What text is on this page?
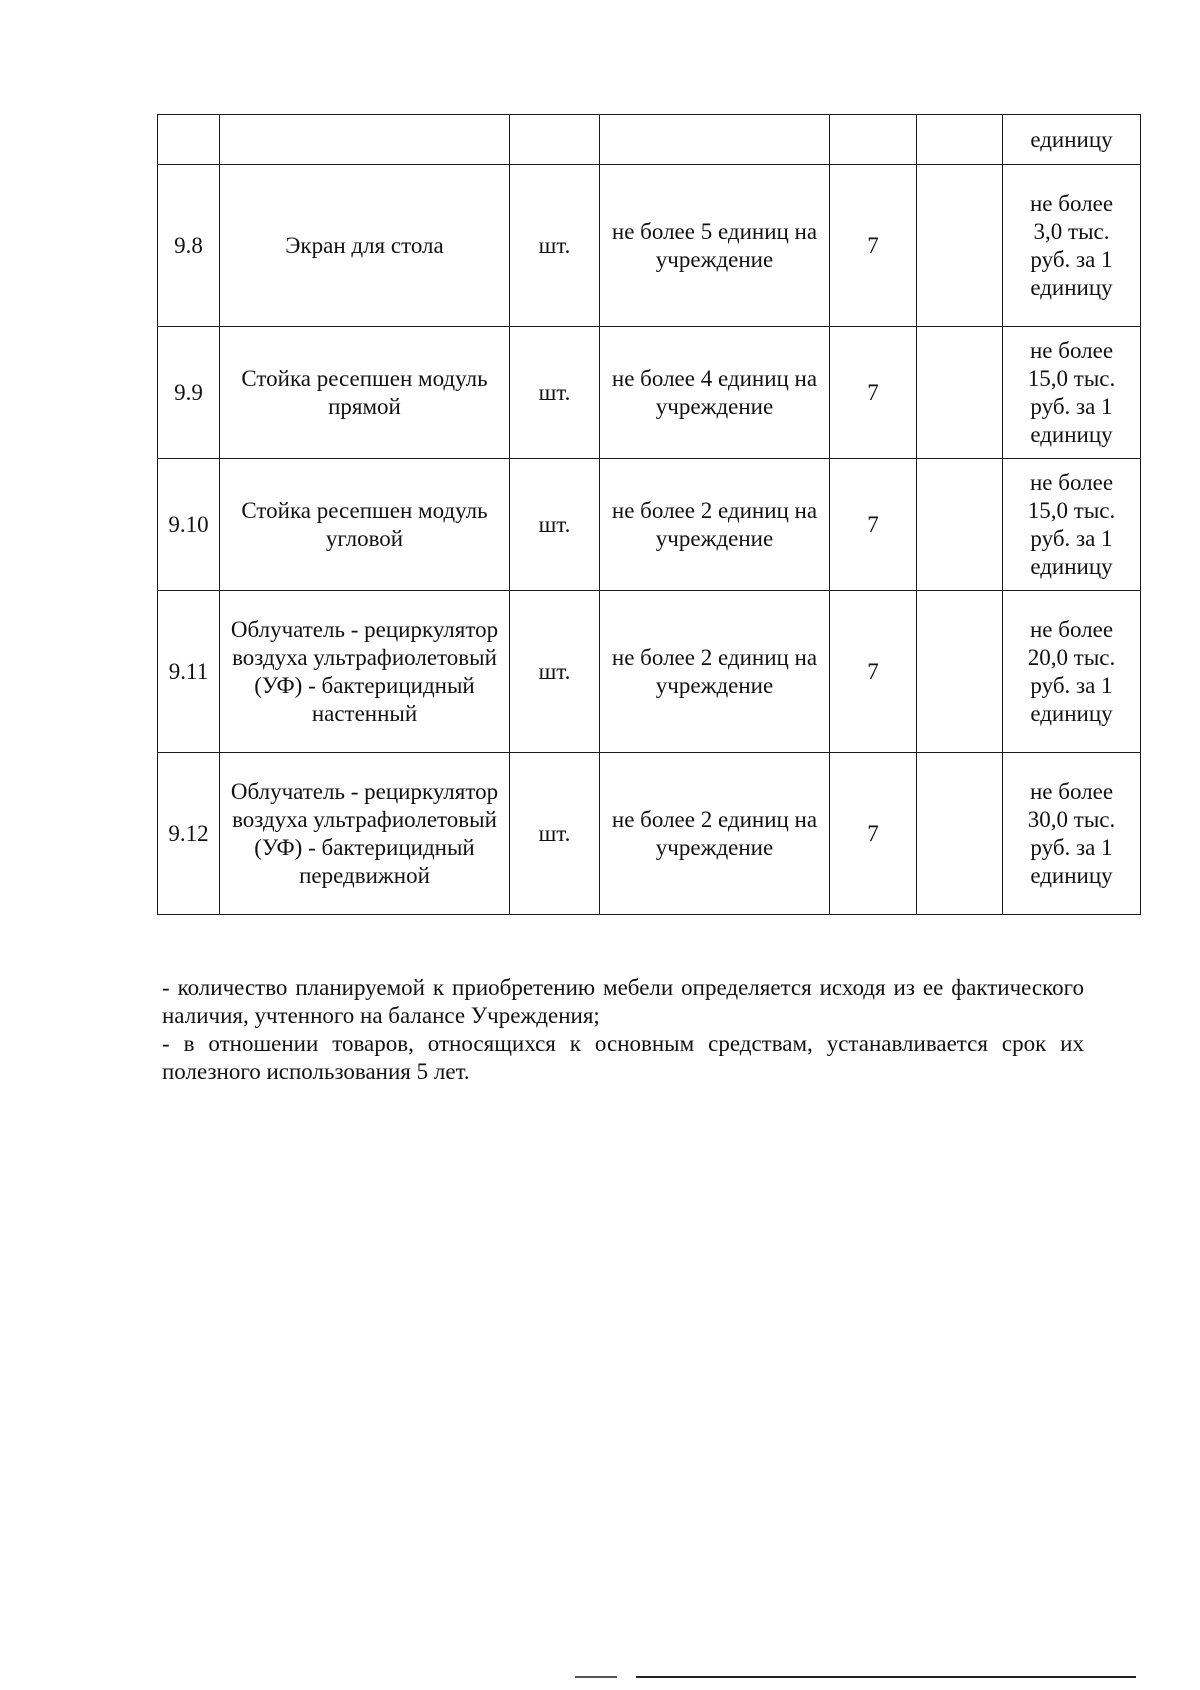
						единицу
9.8	Экран для стола	шт.	не более 5 единиц на учреждение	7		не более 3,0 тыс. руб. за 1 единицу
9.9	Стойка ресепшен модуль прямой	шт.	не более 4 единиц на учреждение	7		не более 15,0 тыс. руб. за 1 единицу
9.10	Стойка ресепшен модуль угловой	шт.	не более 2 единиц на учреждение	7		не более 15,0 тыс. руб. за 1 единицу
9.11	Облучатель - рециркулятор воздуха ультрафиолетовый (УФ) - бактерицидный настенный	шт.	не более 2 единиц на учреждение	7		не более 20,0 тыс. руб. за 1 единицу
9.12	Облучатель - рециркулятор воздуха ультрафиолетовый (УФ) - бактерицидный передвижной	шт.	не более 2 единиц на учреждение	7		не более 30,0 тыс. руб. за 1 единицу

- количество планируемой к приобретению мебели определяется исходя из ее фактического наличия, учтенного на балансе Учреждения;

- в отношении товаров, относящихся к основным средствам, устанавливается срок их полезного использования 5 лет.
